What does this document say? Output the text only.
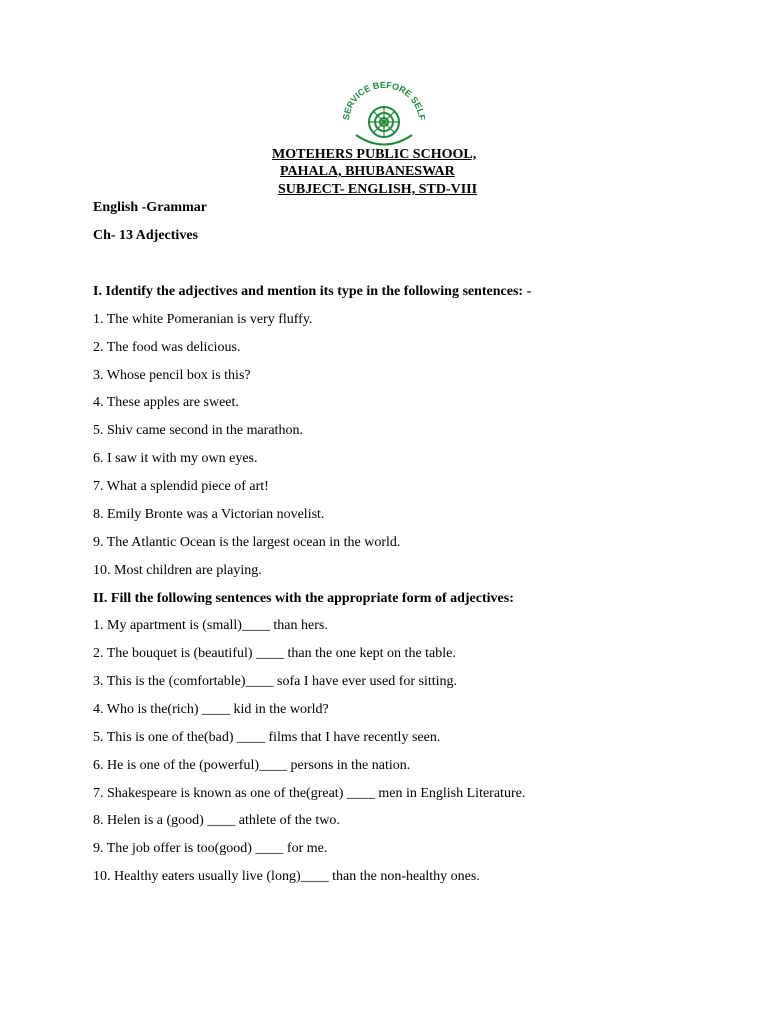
SERVICE BEFORE SELF
MOTEHERS PUBLIC SCHOOL,
PAHALA, BHUBANESWAR
SUBJECT- ENGLISH, STD-VIII
English -Grammar
Ch- 13 Adjectives
I. Identify the adjectives and mention its type in the following sentences: -
1. The white Pomeranian is very fluffy.
2. The food was delicious.
3. Whose pencil box is this?
4. These apples are sweet.
5. Shiv came second in the marathon.
6. I saw it with my own eyes.
7. What a splendid piece of art!
8. Emily Bronte was a Victorian novelist.
9. The Atlantic Ocean is the largest ocean in the world.
10. Most children are playing.
II. Fill the following sentences with the appropriate form of adjectives:
1. My apartment is (small)____ than hers.
2. The bouquet is (beautiful) ____ than the one kept on the table.
3. This is the (comfortable)____ sofa I have ever used for sitting.
4. Who is the(rich) ____ kid in the world?
5. This is one of the(bad) ____ films that I have recently seen.
6. He is one of the (powerful)____ persons in the nation.
7. Shakespeare is known as one of the(great) ____ men in English Literature.
8. Helen is a (good) ____ athlete of the two.
9. The job offer is too(good) ____ for me.
10. Healthy eaters usually live (long)____ than the non-healthy ones.
